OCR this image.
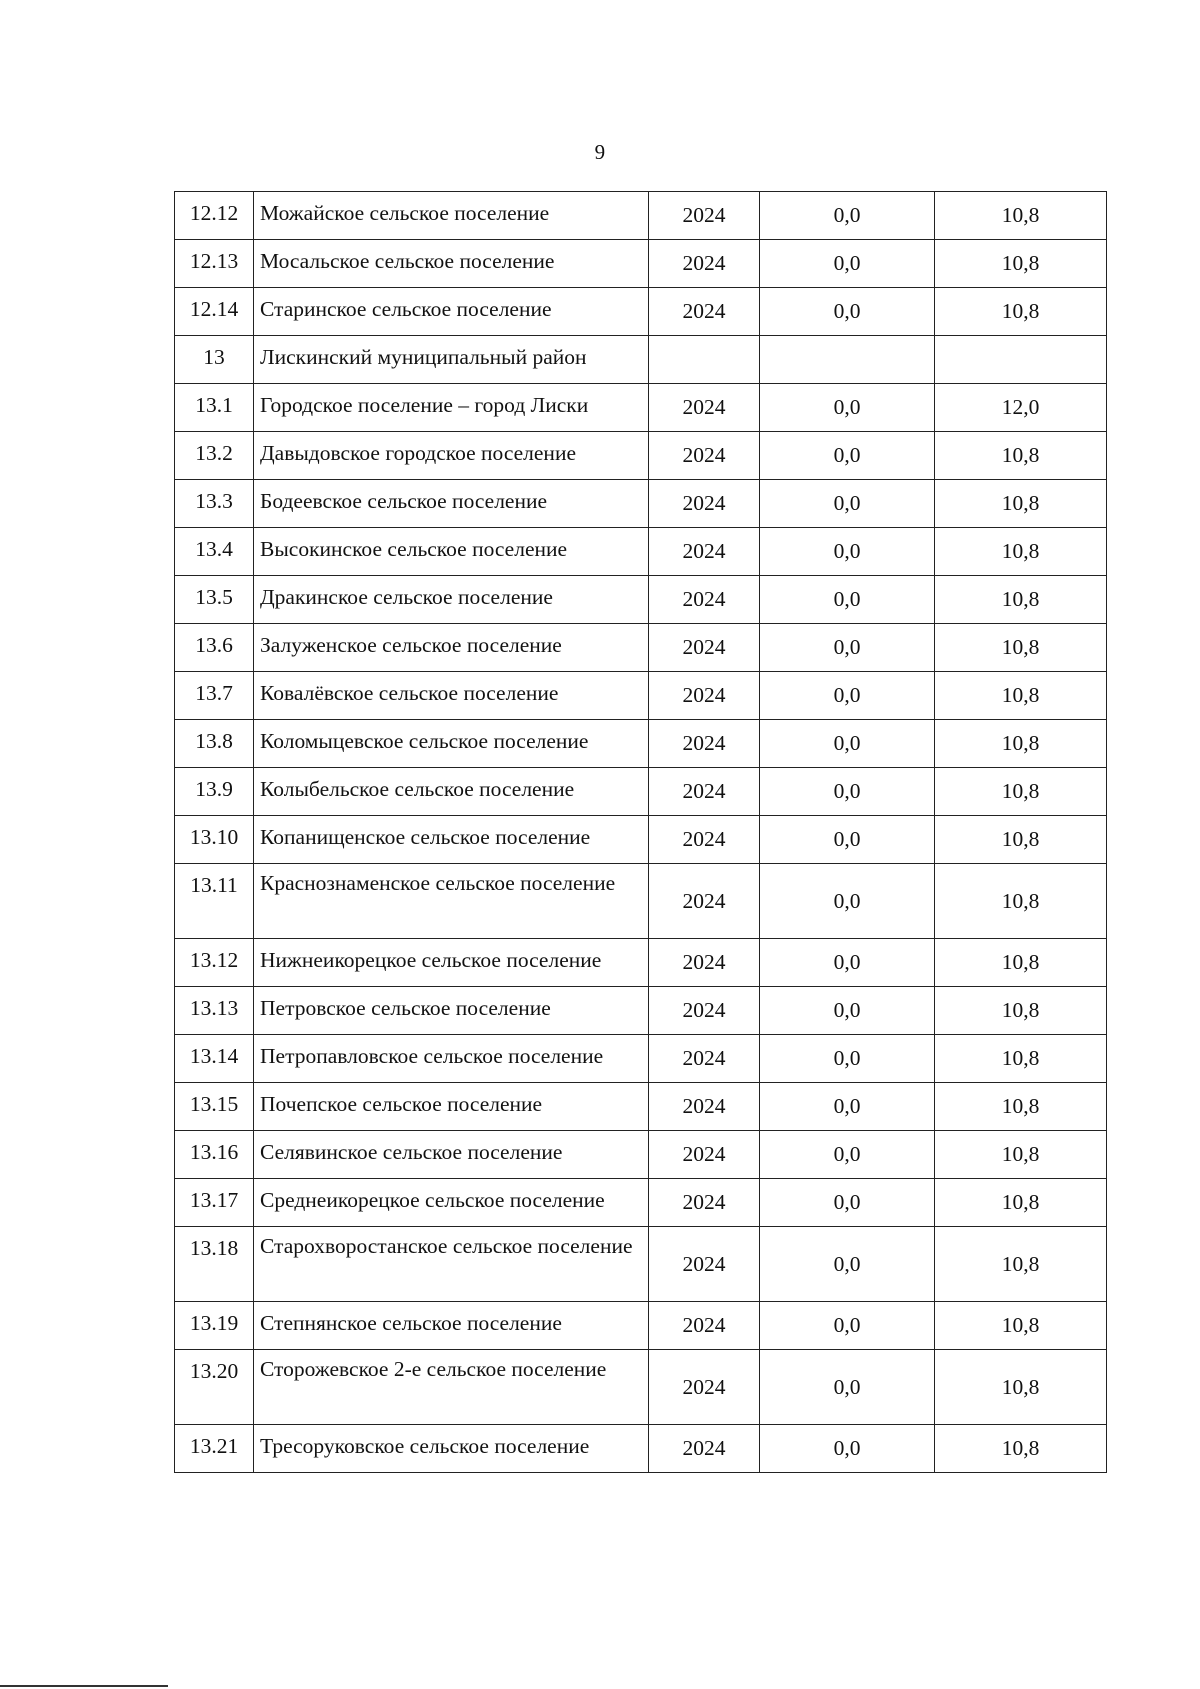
9
12.12	Можайское сельское поселение	2024	0,0	10,8
12.13	Мосальское сельское поселение	2024	0,0	10,8
12.14	Старинское сельское поселение	2024	0,0	10,8
13	Лискинский муниципальный район			
13.1	Городское поселение – город Лиски	2024	0,0	12,0
13.2	Давыдовское городское поселение	2024	0,0	10,8
13.3	Бодеевское сельское поселение	2024	0,0	10,8
13.4	Высокинское сельское поселение	2024	0,0	10,8
13.5	Дракинское сельское поселение	2024	0,0	10,8
13.6	Залуженское сельское поселение	2024	0,0	10,8
13.7	Ковалёвское сельское поселение	2024	0,0	10,8
13.8	Коломыцевское сельское поселение	2024	0,0	10,8
13.9	Колыбельское сельское поселение	2024	0,0	10,8
13.10	Копанищенское сельское поселение	2024	0,0	10,8
13.11	Краснознаменское сельское поселение	2024	0,0	10,8
13.12	Нижнеикорецкое сельское поселение	2024	0,0	10,8
13.13	Петровское сельское поселение	2024	0,0	10,8
13.14	Петропавловское сельское поселение	2024	0,0	10,8
13.15	Почепское сельское поселение	2024	0,0	10,8
13.16	Селявинское сельское поселение	2024	0,0	10,8
13.17	Среднеикорецкое сельское поселение	2024	0,0	10,8
13.18	Старохворостанское сельское поселение	2024	0,0	10,8
13.19	Степнянское сельское поселение	2024	0,0	10,8
13.20	Сторожевское 2-е сельское поселение	2024	0,0	10,8
13.21	Тресоруковское сельское поселение	2024	0,0	10,8
